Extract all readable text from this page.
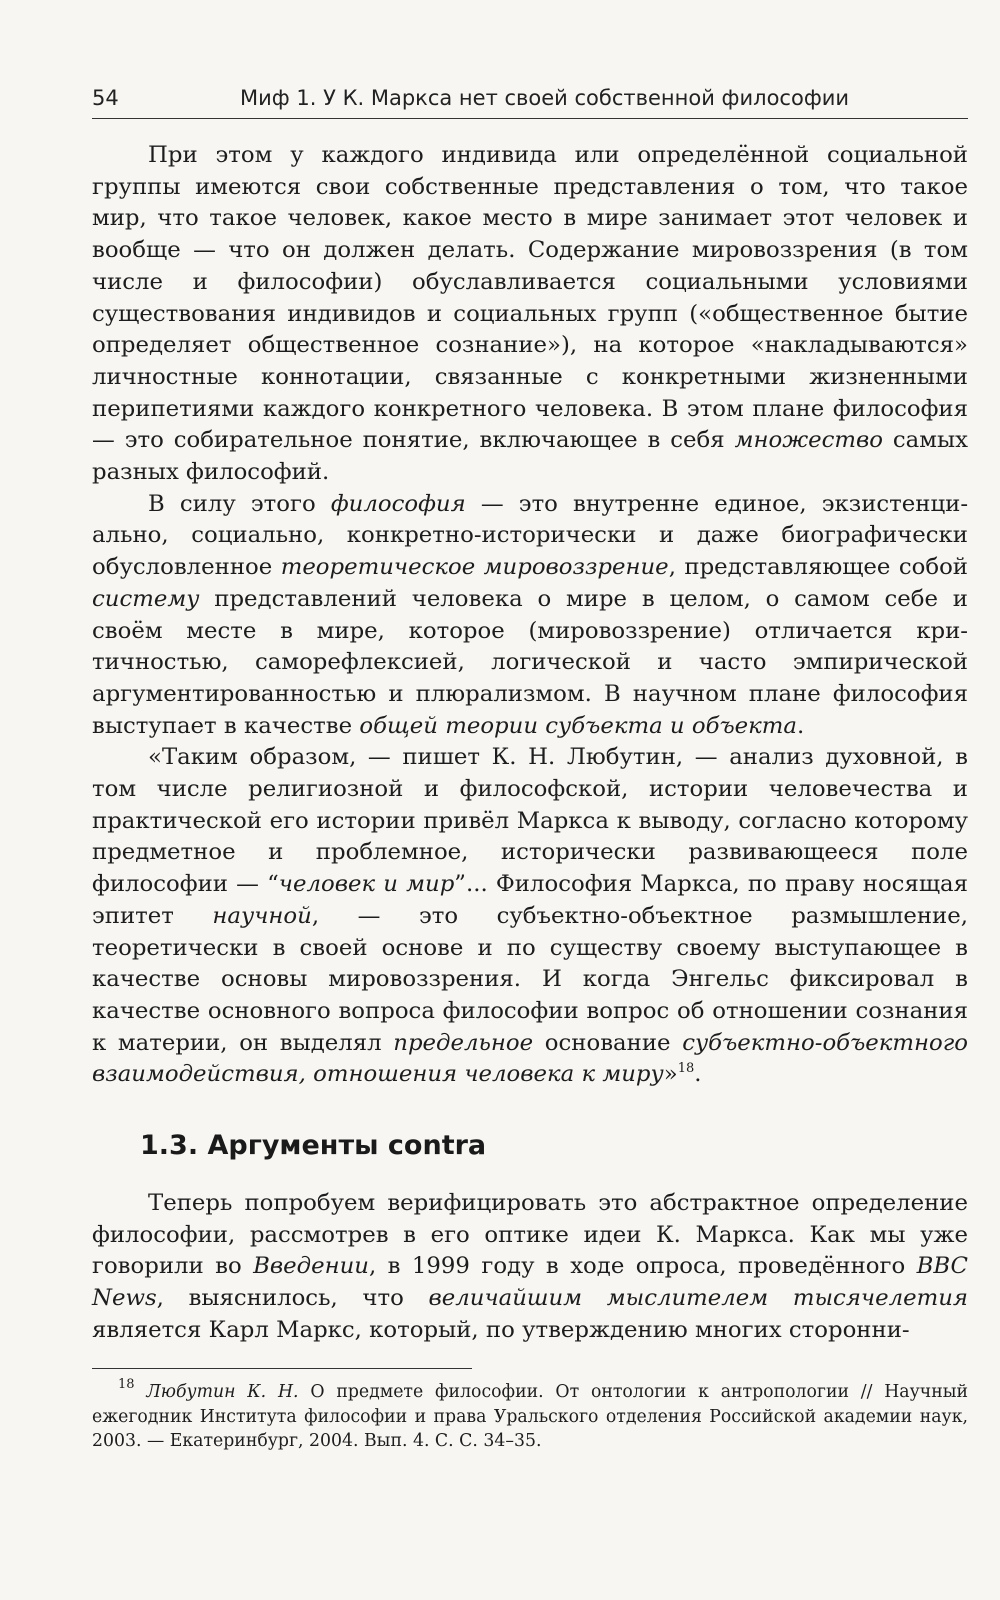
54	Миф 1. У К. Маркса нет своей собственной философии

При этом у каждого индивида или определённой социальной группы имеются свои собственные представления о том, что такое мир, что такое человек, какое место в мире занимает этот человек и вообще — что он должен делать. Содержание мировоззрения (в том числе и философии) обуславливается социальными условиями существования индивидов и социальных групп («общественное бытие определяет общественное сознание»), на которое «накладываются» личностные коннотации, связанные с конкретными жизненными перипетиями каждого конкретного человека. В этом плане философия — это собирательное понятие, включающее в себя множество самых разных философий.

В силу этого философия — это внутренне единое, экзистенциально, социально, конкретно-исторически и даже биографически обусловленное теоретическое мировоззрение, представляющее собой систему представлений человека о мире в целом, о самом себе и своём месте в мире, которое (мировоззрение) отличается критичностью, саморефлексией, логической и часто эмпирической аргументированностью и плюрализмом. В научном плане философия выступает в качестве общей теории субъекта и объекта.

«Таким образом, — пишет К. Н. Любутин, — анализ духовной, в том числе религиозной и философской, истории человечества и практической его истории привёл Маркса к выводу, согласно которому предметное и проблемное, исторически развивающееся поле философии — “человек и мир”... Философия Маркса, по праву носящая эпитет научной, — это субъектно-объектное размышление, теоретически в своей основе и по существу своему выступающее в качестве основы мировоззрения. И когда Энгельс фиксировал в качестве основного вопроса философии вопрос об отношении сознания к материи, он выделял предельное основание субъектно-объектного взаимодействия, отношения человека к миру»$^{18}$.

1.3. Аргументы contra

Теперь попробуем верифицировать это абстрактное определение философии, рассмотрев в его оптике идеи К. Маркса. Как мы уже говорили во Введении, в 1999 году в ходе опроса, проведённого BBC News, выяснилось, что величайшим мыслителем тысячелетия является Карл Маркс, который, по утверждению многих сторонни-

$^{18}$ Любутин К. Н. О предмете философии. От онтологии к антропологии // Научный ежегодник Института философии и права Уральского отделения Российской академии наук, 2003. — Екатеринбург, 2004. Вып. 4. С. С. 34–35.
